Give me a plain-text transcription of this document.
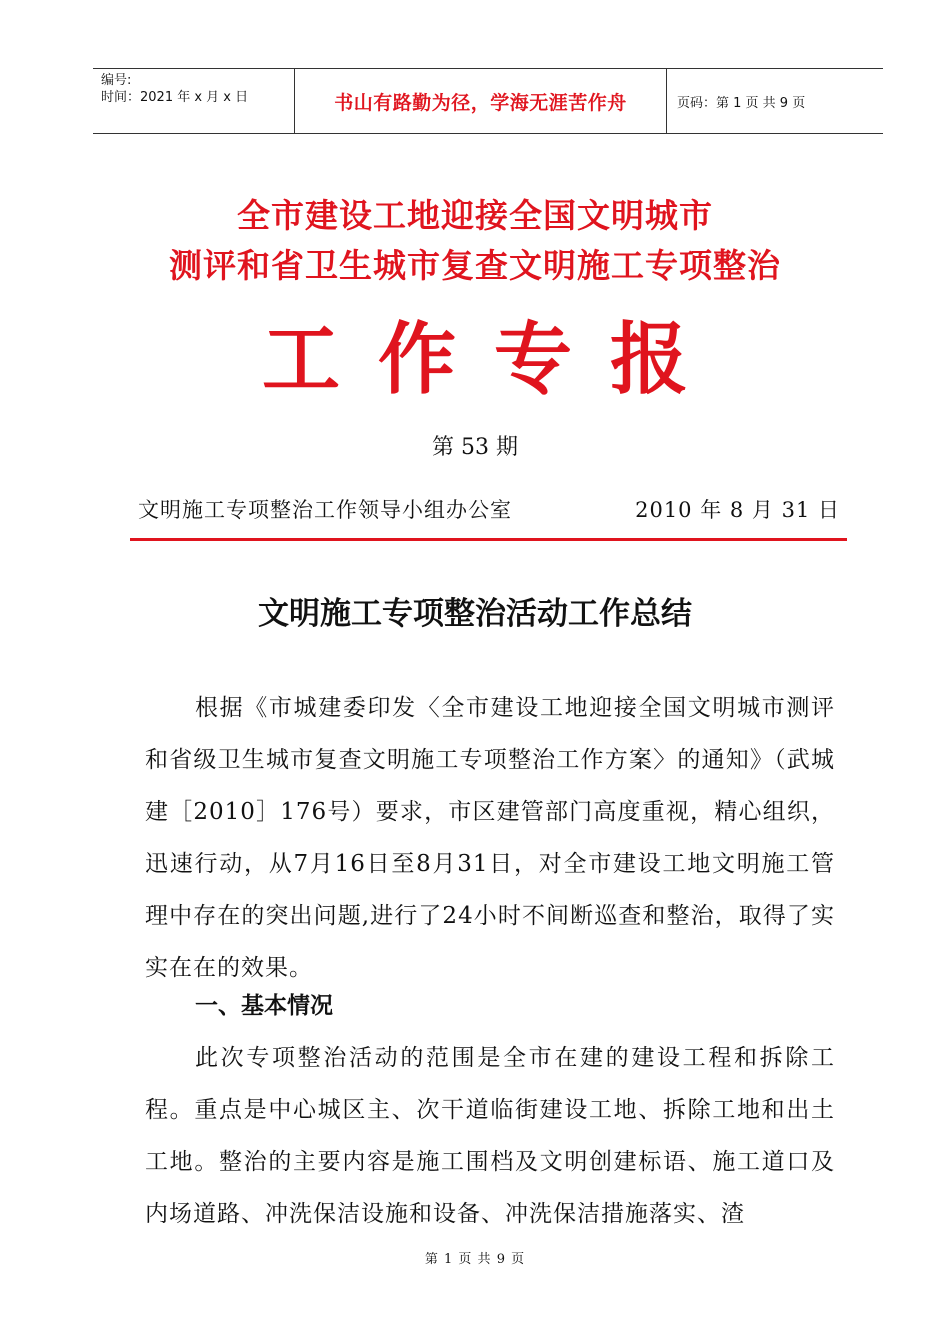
编号:
时间：2021 年 x 月 x 日	书山有路勤为径，学海无涯苦作舟	页码：第 1 页 共 9 页
全市建设工地迎接全国文明城市
测评和省卫生城市复查文明施工专项整治
工作专报
第 53 期
文明施工专项整治工作领导小组办公室	2010 年 8 月 31 日
文明施工专项整治活动工作总结
根据《市城建委印发〈全市建设工地迎接全国文明城市测评和省级卫生城市复查文明施工专项整治工作方案〉的通知》（武城建［2010］176号）要求，市区建管部门高度重视，精心组织，迅速行动，从7月16日至8月31日，对全市建设工地文明施工管理中存在的突出问题,进行了24小时不间断巡查和整治，取得了实实在在的效果。
一、基本情况
此次专项整治活动的范围是全市在建的建设工程和拆除工程。重点是中心城区主、次干道临街建设工地、拆除工地和出土工地。整治的主要内容是施工围档及文明创建标语、施工道口及内场道路、冲洗保洁设施和设备、冲洗保洁措施落实、渣
第 1 页 共 9 页
